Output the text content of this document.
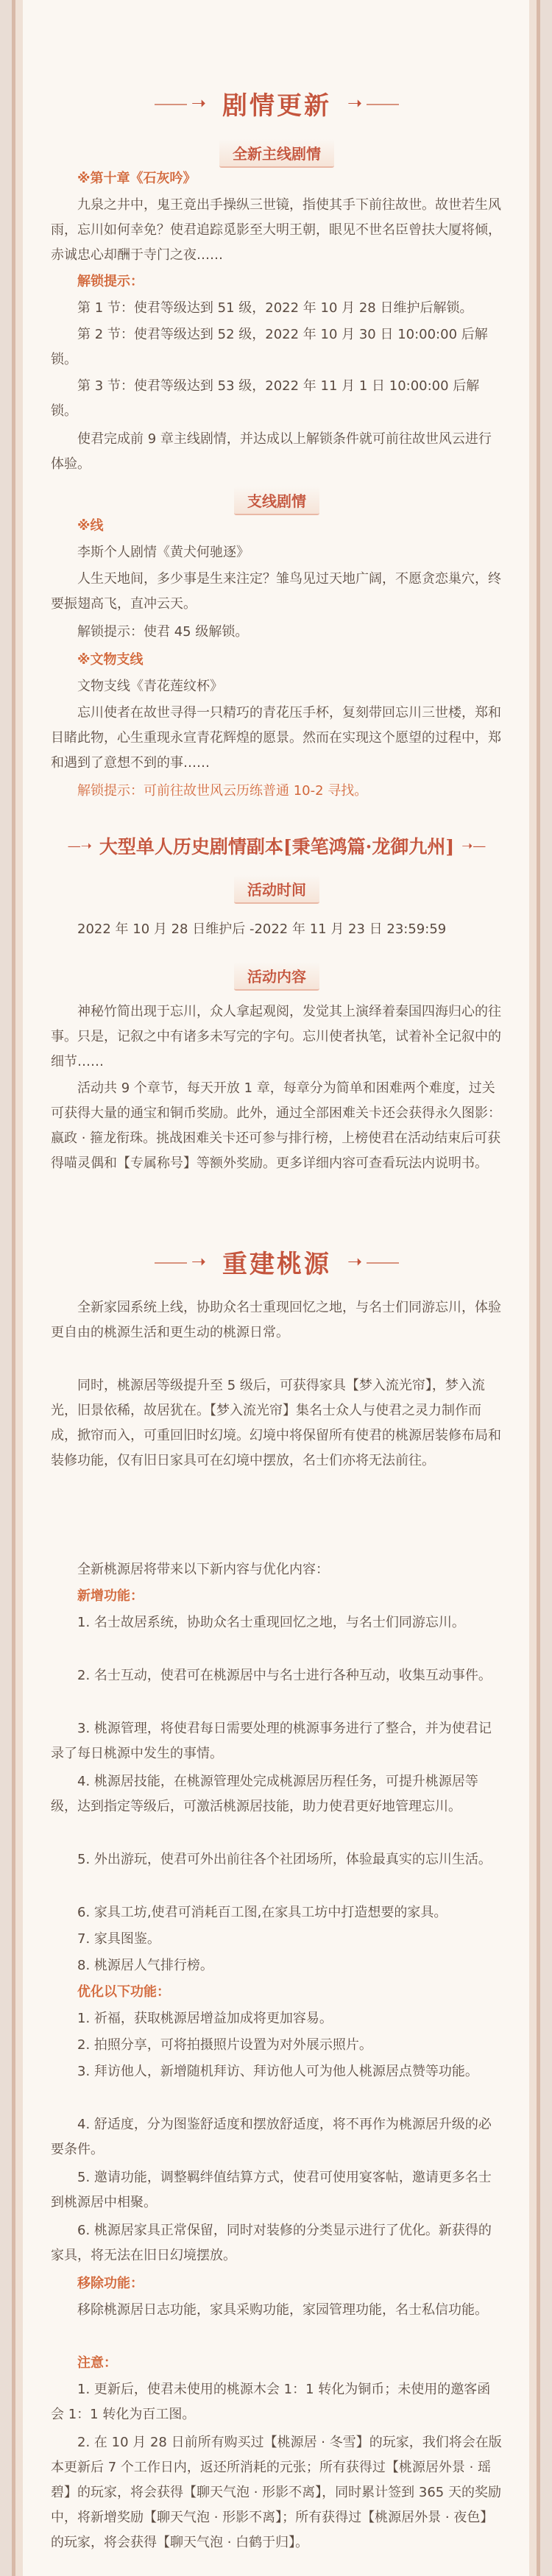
➝ 剧情更新 ➝
全新主线剧情
※第十章《石灰吟》
九泉之井中，鬼王竟出手操纵三世镜，指使其手下前往故世。故世若生风雨，忘川如何幸免？使君追踪觅影至大明王朝，眼见不世名臣曾扶大厦将倾，赤诚忠心却酬于寺门之夜……
解锁提示：
第 1 节：使君等级达到 51 级，2022 年 10 月 28 日维护后解锁。
第 2 节：使君等级达到 52 级，2022 年 10 月 30 日 10:00:00 后解锁。
第 3 节：使君等级达到 53 级，2022 年 11 月 1 日 10:00:00 后解锁。
使君完成前 9 章主线剧情，并达成以上解锁条件就可前往故世风云进行体验。
支线剧情
※线
李斯个人剧情《黄犬何驰逐》
人生天地间，多少事是生来注定？雏鸟见过天地广阔，不愿贪恋巢穴，终要振翅高飞，直冲云天。
解锁提示：使君 45 级解锁。
※文物支线
文物支线《青花莲纹杯》
忘川使者在故世寻得一只精巧的青花压手杯，复刻带回忘川三世楼，郑和目睹此物，心生重现永宣青花辉煌的愿景。然而在实现这个愿望的过程中，郑和遇到了意想不到的事……
解锁提示：可前往故世风云历练普通 10-2 寻找。
—➝ 大型单人历史剧情副本[秉笔鸿篇·龙御九州] ➝—
活动时间
2022 年 10 月 28 日维护后 -2022 年 11 月 23 日 23:59:59
活动内容
神秘竹简出现于忘川，众人拿起观阅，发觉其上演绎着秦国四海归心的往事。只是，记叙之中有诸多未写完的字句。忘川使者执笔，试着补全记叙中的细节……
活动共 9 个章节，每天开放 1 章，每章分为简单和困难两个难度，过关可获得大量的通宝和铜币奖励。此外，通过全部困难关卡还会获得永久图影：嬴政 · 箍龙衔珠。挑战困难关卡还可参与排行榜，上榜使君在活动结束后可获得喵灵偶和【专属称号】等额外奖励。更多详细内容可查看玩法内说明书。
➝ 重建桃源 ➝
全新家园系统上线，协助众名士重现回忆之地，与名士们同游忘川，体验更自由的桃源生活和更生动的桃源日常。
同时，桃源居等级提升至 5 级后，可获得家具【梦入流光帘】，梦入流光，旧景依稀，故居犹在。【梦入流光帘】集名士众人与使君之灵力制作而成，掀帘而入，可重回旧时幻境。幻境中将保留所有使君的桃源居装修布局和装修功能，仅有旧日家具可在幻境中摆放，名士们亦将无法前往。
全新桃源居将带来以下新内容与优化内容：
新增功能：
1. 名士故居系统，协助众名士重现回忆之地，与名士们同游忘川。
2. 名士互动，使君可在桃源居中与名士进行各种互动，收集互动事件。
3. 桃源管理，将使君每日需要处理的桃源事务进行了整合，并为使君记录了每日桃源中发生的事情。
4. 桃源居技能，在桃源管理处完成桃源居历程任务，可提升桃源居等级，达到指定等级后，可激活桃源居技能，助力使君更好地管理忘川。
5. 外出游玩，使君可外出前往各个社团场所，体验最真实的忘川生活。
6. 家具工坊,使君可消耗百工图,在家具工坊中打造想要的家具。
7. 家具图鉴。
8. 桃源居人气排行榜。
优化以下功能：
1. 祈福，获取桃源居增益加成将更加容易。
2. 拍照分享，可将拍摄照片设置为对外展示照片。
3. 拜访他人，新增随机拜访、拜访他人可为他人桃源居点赞等功能。
4. 舒适度，分为图鉴舒适度和摆放舒适度，将不再作为桃源居升级的必要条件。
5. 邀请功能，调整羁绊值结算方式，使君可使用宴客帖，邀请更多名士到桃源居中相聚。
6. 桃源居家具正常保留，同时对装修的分类显示进行了优化。新获得的家具，将无法在旧日幻境摆放。
移除功能：
移除桃源居日志功能，家具采购功能，家园管理功能，名士私信功能。
注意：
1. 更新后，使君未使用的桃源木会 1：1 转化为铜币；未使用的邀客函会 1：1 转化为百工图。
2. 在 10 月 28 日前所有购买过【桃源居 · 冬雪】的玩家，我们将会在版本更新后 7 个工作日内，返还所消耗的元张；所有获得过【桃源居外景 · 瑶碧】的玩家，将会获得【聊天气泡 · 形影不离】，同时累计签到 365 天的奖励中，将新增奖励【聊天气泡 · 形影不离】；所有获得过【桃源居外景 · 夜色】的玩家，将会获得【聊天气泡 · 白鹤于归】。
